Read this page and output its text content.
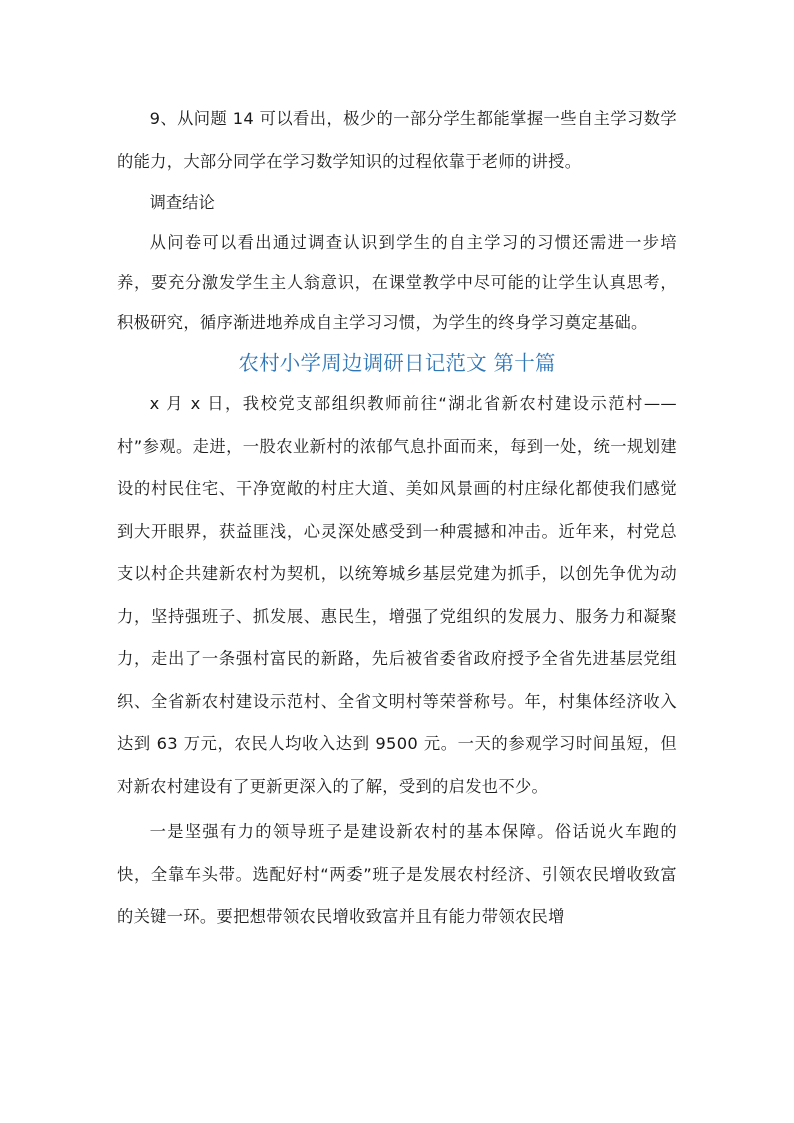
9、从问题 14 可以看出，极少的一部分学生都能掌握一些自主学习数学的能力，大部分同学在学习数学知识的过程依靠于老师的讲授。

调查结论

从问卷可以看出通过调查认识到学生的自主学习的习惯还需进一步培养，要充分激发学生主人翁意识，在课堂教学中尽可能的让学生认真思考，积极研究，循序渐进地养成自主学习习惯，为学生的终身学习奠定基础。

农村小学周边调研日记范文 第十篇

x 月 x 日，我校党支部组织教师前往“湖北省新农村建设示范村——村”参观。走进，一股农业新村的浓郁气息扑面而来，每到一处，统一规划建设的村民住宅、干净宽敞的村庄大道、美如风景画的村庄绿化都使我们感觉到大开眼界，获益匪浅，心灵深处感受到一种震撼和冲击。近年来，村党总支以村企共建新农村为契机，以统筹城乡基层党建为抓手，以创先争优为动力，坚持强班子、抓发展、惠民生，增强了党组织的发展力、服务力和凝聚力，走出了一条强村富民的新路，先后被省委省政府授予全省先进基层党组织、全省新农村建设示范村、全省文明村等荣誉称号。年，村集体经济收入达到 63 万元，农民人均收入达到 9500 元。一天的参观学习时间虽短，但对新农村建设有了更新更深入的了解，受到的启发也不少。

一是坚强有力的领导班子是建设新农村的基本保障。俗话说火车跑的快，全靠车头带。选配好村“两委”班子是发展农村经济、引领农民增收致富的关键一环。要把想带领农民增收致富并且有能力带领农民增
